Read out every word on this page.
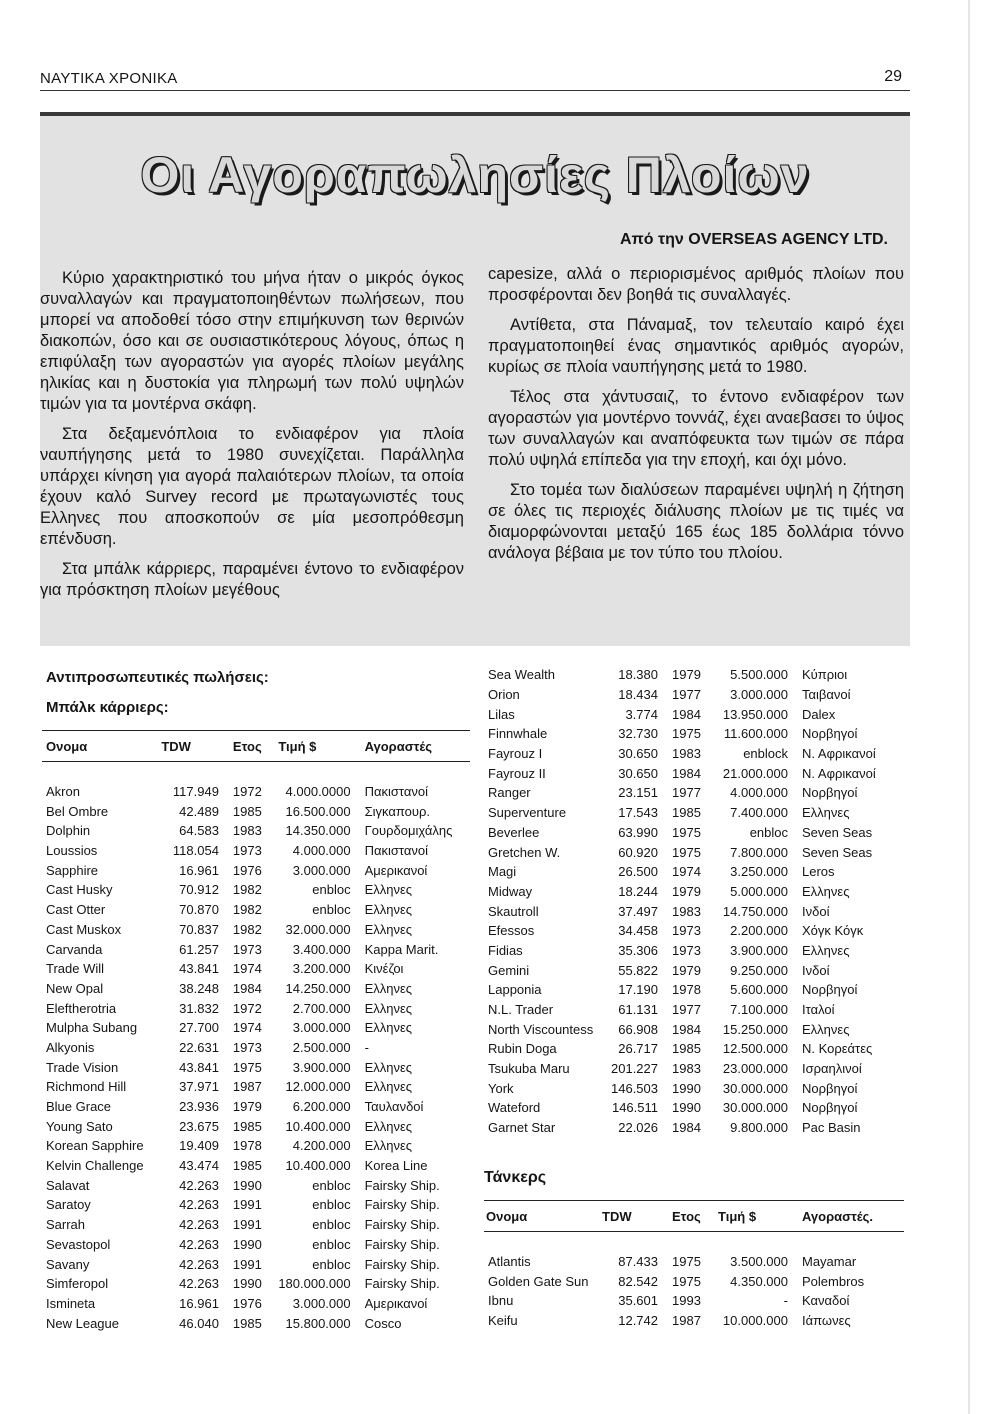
ΝΑΥΤΙΚΑ ΧΡΟΝΙΚΑ	29
Οι Αγοραπωλησίες Πλοίων
Από την OVERSEAS AGENCY LTD.

Κύριο χαρακτηριστικό του μήνα ήταν ο μικρός όγκος συναλλαγών και πραγματοποιηθέντων πωλήσεων, που μπορεί να αποδοθεί τόσο στην επιμήκυνση των θερινών διακοπών, όσο και σε ουσιαστικότερους λόγους, όπως η επιφύλαξη των αγοραστών για αγορές πλοίων μεγάλης ηλικίας και η δυστοκία για πληρωμή των πολύ υψηλών τιμών για τα μοντέρνα σκάφη.

Στα δεξαμενόπλοια το ενδιαφέρον για πλοία ναυπήγησης μετά το 1980 συνεχίζεται. Παράλληλα υπάρχει κίνηση για αγορά παλαιότερων πλοίων, τα οποία έχουν καλό Survey record με πρωταγωνιστές τους Ελληνες που αποσκοπούν σε μία μεσοπρόθεσμη επένδυση.

Στα μπάλκ κάρριερς, παραμένει έντονο το ενδιαφέρον για πρόσκτηση πλοίων μεγέθους

capesize, αλλά ο περιορισμένος αριθμός πλοίων που προσφέρονται δεν βοηθά τις συναλλαγές.

Αντίθετα, στα Πάναμαξ, τον τελευταίο καιρό έχει πραγματοποιηθεί ένας σημαντικός αριθμός αγορών, κυρίως σε πλοία ναυπήγησης μετά το 1980.

Τέλος στα χάντυσαιζ, το έντονο ενδιαφέρον των αγοραστών για μοντέρνο τοννάζ, έχει αναεβασει το ύψος των συναλλαγών και αναπόφευκτα των τιμών σε πάρα πολύ υψηλά επίπεδα για την εποχή, και όχι μόνο.

Στο τομέα των διαλύσεων παραμένει υψηλή η ζήτηση σε όλες τις περιοχές διάλυσης πλοίων με τις τιμές να διαμορφώνονται μεταξύ 165 έως 185 δολλάρια τόννο ανάλογα βέβαια με τον τύπο του πλοίου.

Αντιπροσωπευτικές πωλήσεις:
Μπάλκ κάρριερς:
Ονομα	TDW	Ετος	Τιμή $	Αγοραστές

Akron	117.949	1972	4.000.0000	Πακιστανοί
Bel Ombre	42.489	1985	16.500.000	Σιγκαπουρ.
Dolphin	64.583	1983	14.350.000	Γουρδομιχάλης
Loussios	118.054	1973	4.000.000	Πακιστανοί
Sapphire	16.961	1976	3.000.000	Αμερικανοί
Cast Husky	70.912	1982	enbloc	Ελληνες
Cast Otter	70.870	1982	enbloc	Ελληνες
Cast Muskox	70.837	1982	32.000.000	Ελληνες
Carvanda	61.257	1973	3.400.000	Kappa Marit.
Trade Will	43.841	1974	3.200.000	Κινέζοι
New Opal	38.248	1984	14.250.000	Ελληνες
Eleftherotria	31.832	1972	2.700.000	Ελληνες
Mulpha Subang	27.700	1974	3.000.000	Ελληνες
Alkyonis	22.631	1973	2.500.000	-
Trade Vision	43.841	1975	3.900.000	Ελληνες
Richmond Hill	37.971	1987	12.000.000	Ελληνες
Blue Grace	23.936	1979	6.200.000	Ταυλανδοί
Young Sato	23.675	1985	10.400.000	Ελληνες
Korean Sapphire	19.409	1978	4.200.000	Ελληνες
Kelvin Challenge	43.474	1985	10.400.000	Korea Line
Salavat	42.263	1990	enbloc	Fairsky Ship.
Saratoy	42.263	1991	enbloc	Fairsky Ship.
Sarrah	42.263	1991	enbloc	Fairsky Ship.
Sevastopol	42.263	1990	enbloc	Fairsky Ship.
Savany	42.263	1991	enbloc	Fairsky Ship.
Simferopol	42.263	1990	180.000.000	Fairsky Ship.
Ismineta	16.961	1976	3.000.000	Αμερικανοί
New League	46.040	1985	15.800.000	Cosco
Sea Wealth	18.380	1979	5.500.000	Κύπριοι
Orion	18.434	1977	3.000.000	Ταιβανοί
Lilas	3.774	1984	13.950.000	Dalex
Finnwhale	32.730	1975	11.600.000	Νορβηγοί
Fayrouz I	30.650	1983	enblock	Ν. Αφρικανοί
Fayrouz II	30.650	1984	21.000.000	Ν. Αφρικανοί
Ranger	23.151	1977	4.000.000	Νορβηγοί
Superventure	17.543	1985	7.400.000	Ελληνες
Beverlee	63.990	1975	enbloc	Seven Seas
Gretchen W.	60.920	1975	7.800.000	Seven Seas
Magi	26.500	1974	3.250.000	Leros
Midway	18.244	1979	5.000.000	Ελληνες
Skautroll	37.497	1983	14.750.000	Ινδοί
Efessos	34.458	1973	2.200.000	Χόγκ Κόγκ
Fidias	35.306	1973	3.900.000	Ελληνες
Gemini	55.822	1979	9.250.000	Ινδοί
Lapponia	17.190	1978	5.600.000	Νορβηγοί
N.L. Trader	61.131	1977	7.100.000	Ιταλοί
North Viscountess	66.908	1984	15.250.000	Ελληνες
Rubin Doga	26.717	1985	12.500.000	Ν. Κορεάτες
Tsukuba Maru	201.227	1983	23.000.000	Ισραηλινοί
York	146.503	1990	30.000.000	Νορβηγοί
Wateford	146.511	1990	30.000.000	Νορβηγοί
Garnet Star	22.026	1984	9.800.000	Pac Basin
Τάνκερς
Ονομα	TDW	Ετος	Τιμή $	Αγοραστές.

Atlantis	87.433	1975	3.500.000	Mayamar
Golden Gate Sun	82.542	1975	4.350.000	Polembros
Ibnu	35.601	1993	-	Καναδοί
Keifu	12.742	1987	10.000.000	Ιάπωνες
